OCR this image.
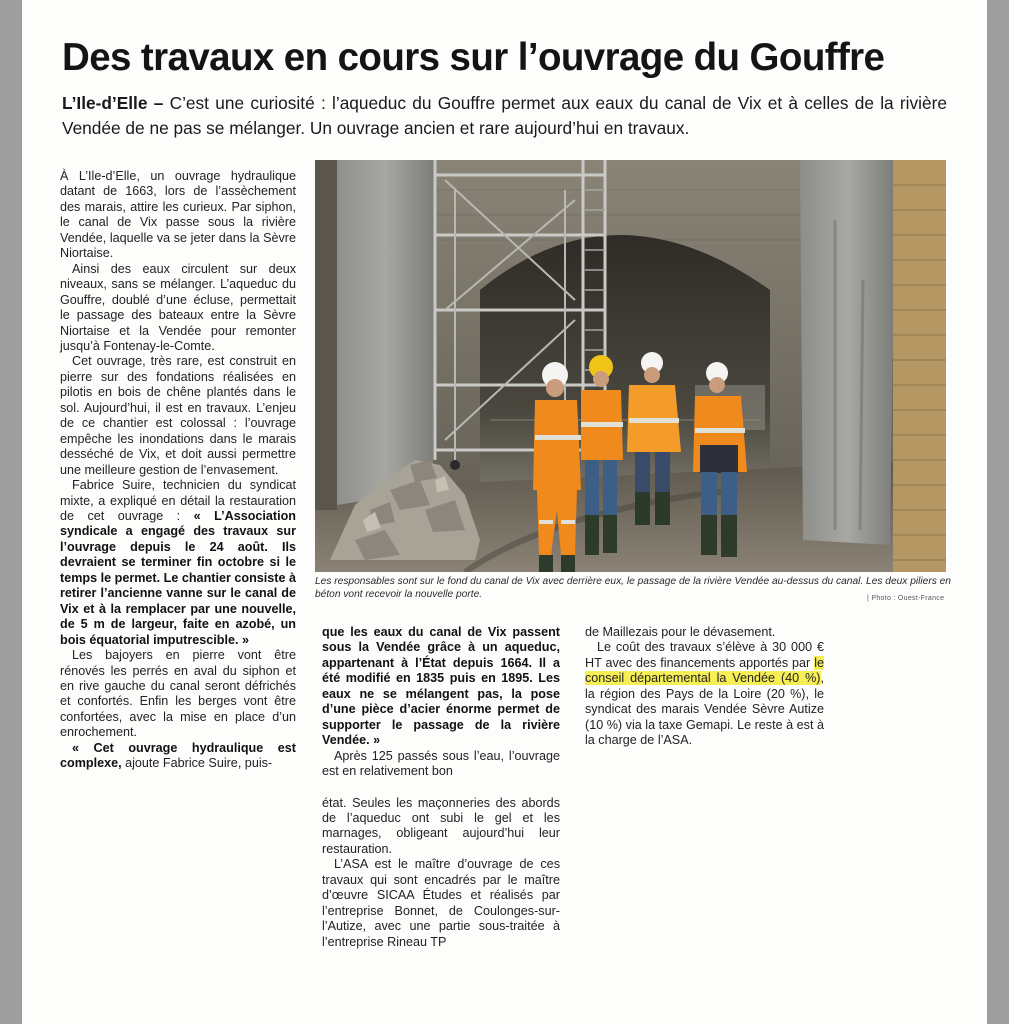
Des travaux en cours sur l’ouvrage du Gouffre

L’Ile-d’Elle – C’est une curiosité : l’aqueduc du Gouffre permet aux eaux du canal de Vix et à celles de la rivière Vendée de ne pas se mélanger. Un ouvrage ancien et rare aujourd’hui en travaux.

À L’Ile-d’Elle, un ouvrage hydraulique datant de 1663, lors de l’assèchement des marais, attire les curieux. Par siphon, le canal de Vix passe sous la rivière Vendée, laquelle va se jeter dans la Sèvre Niortaise.

Ainsi des eaux circulent sur deux niveaux, sans se mélanger. L’aqueduc du Gouffre, doublé d’une écluse, permettait le passage des bateaux entre la Sèvre Niortaise et la Vendée pour remonter jusqu’à Fontenay-le-Comte.

Cet ouvrage, très rare, est construit en pierre sur des fondations réalisées en pilotis en bois de chêne plantés dans le sol. Aujourd’hui, il est en travaux. L’enjeu de ce chantier est colossal : l’ouvrage empêche les inondations dans le marais desséché de Vix, et doit aussi permettre une meilleure gestion de l’envasement.

Fabrice Suire, technicien du syndicat mixte, a expliqué en détail la restauration de cet ouvrage : « L’Association syndicale a engagé des travaux sur l’ouvrage depuis le 24 août. Ils devraient se terminer fin octobre si le temps le permet. Le chantier consiste à retirer l’ancienne vanne sur le canal de Vix et à la remplacer par une nouvelle, de 5 m de largeur, faite en azobé, un bois équatorial imputrescible. »

Les bajoyers en pierre vont être rénovés les perrés en aval du siphon et en rive gauche du canal seront défrichés et confortés. Enfin les berges vont être confortées, avec la mise en place d’un enrochement.

« Cet ouvrage hydraulique est complexe, ajoute Fabrice Suire, puis-

Les responsables sont sur le fond du canal de Vix avec derrière eux, le passage de la rivière Vendée au-dessus du canal. Les deux piliers en béton vont recevoir la nouvelle porte.	| Photo : Ouest-France

que les eaux du canal de Vix passent sous la Vendée grâce à un aqueduc, appartenant à l’État depuis 1664. Il a été modifié en 1835 puis en 1895. Les eaux ne se mélangent pas, la pose d’une pièce d’acier énorme permet de supporter le passage de la rivière Vendée. »

Après 125 passés sous l’eau, l’ouvrage est en relativement bon

état. Seules les maçonneries des abords de l’aqueduc ont subi le gel et les marnages, obligeant aujourd’hui leur restauration.

L’ASA est le maître d’ouvrage de ces travaux qui sont encadrés par le maître d’œuvre SICAA Études et réalisés par l’entreprise Bonnet, de Coulonges-sur-l’Autize, avec une partie sous-traitée à l’entreprise Rineau TP

de Maillezais pour le dévasement.

Le coût des travaux s’élève à 30 000 € HT avec des financements apportés par le conseil départemental la Vendée (40 %), la région des Pays de la Loire (20 %), le syndicat des marais Vendée Sèvre Autize (10 %) via la taxe Gemapi. Le reste à est à la charge de l’ASA.
